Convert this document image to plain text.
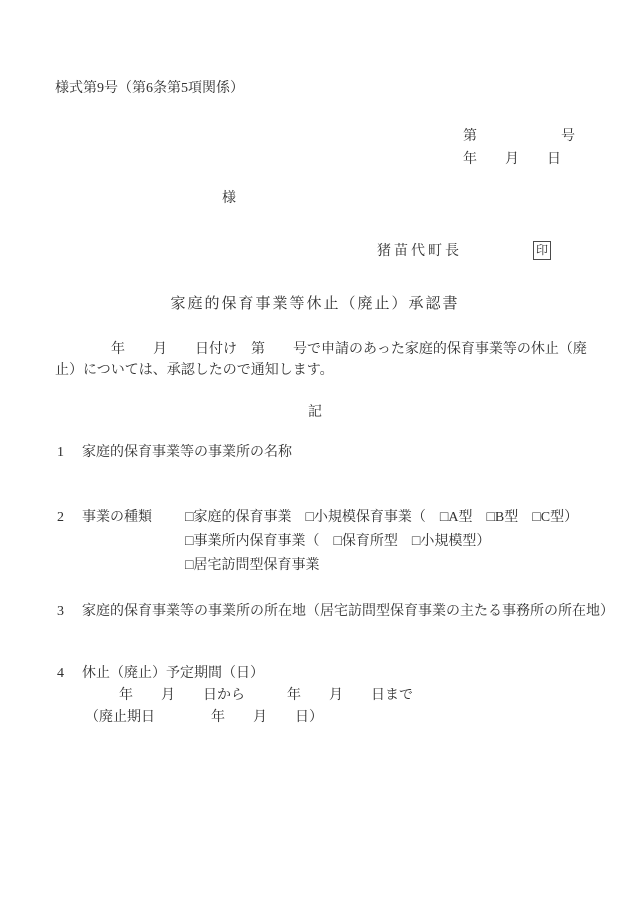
様式第9号（第6条第5項関係）
第　　　　　　号
年　　月　　日
様
猪苗代町長	印
家庭的保育事業等休止（廃止）承認書
　　　　年　　月　　日付け　第　　号で申請のあった家庭的保育事業等の休止（廃
止）については、承認したので通知します。
記
1 家庭的保育事業等の事業所の名称
2 事業の種類 □家庭的保育事業　□小規模保育事業（　□A型　□B型　□C型）
□事業所内保育事業（　□保育所型　□小規模型）
□居宅訪問型保育事業
3 家庭的保育事業等の事業所の所在地（居宅訪問型保育事業の主たる事務所の所在地）
4 休止（廃止）予定期間（日）
年　　月　　日から　　　年　　月　　日まで
（廃止期日　　　　年　　月　　日）
